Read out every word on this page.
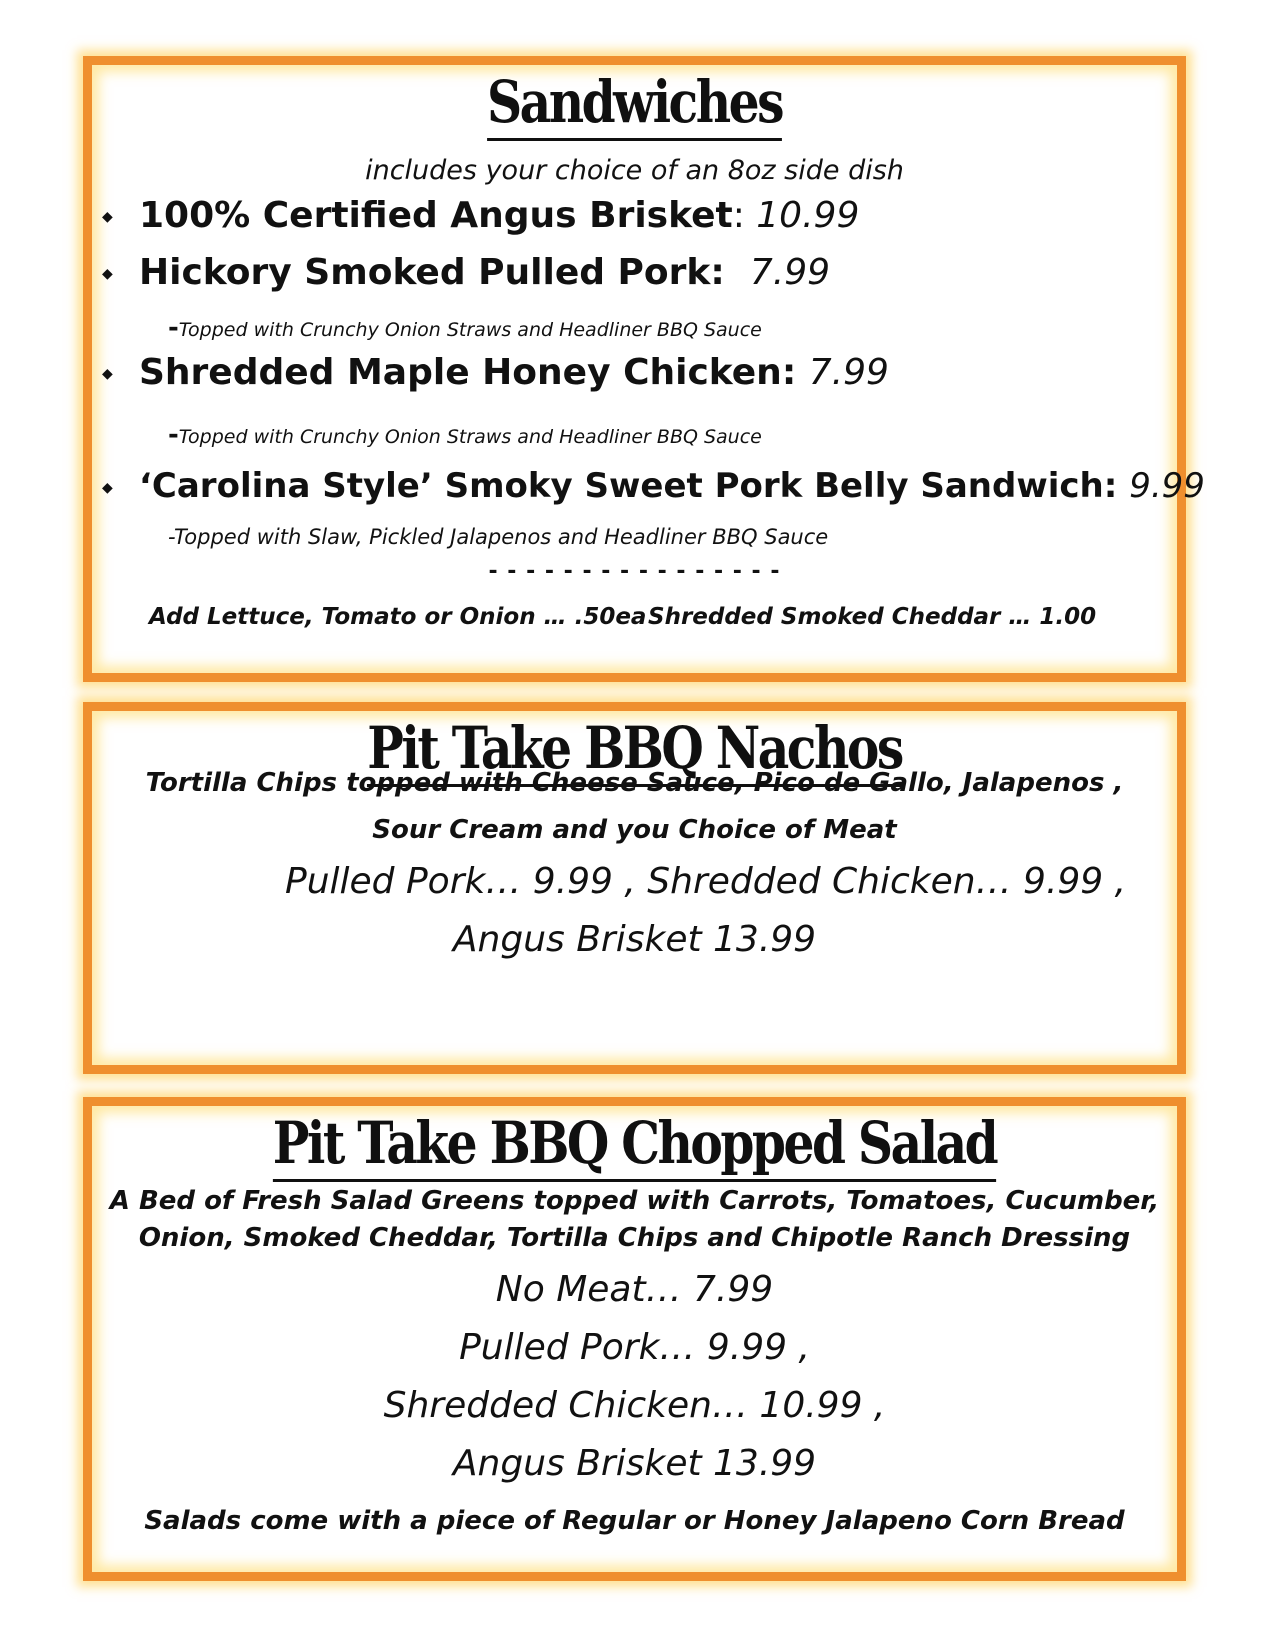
Sandwiches
includes your choice of an 8oz side dish
◆ 100% Certified Angus Brisket: 10.99
◆ Hickory Smoked Pulled Pork: 7.99
-Topped with Crunchy Onion Straws and Headliner BBQ Sauce
◆ Shredded Maple Honey Chicken: 7.99
-Topped with Crunchy Onion Straws and Headliner BBQ Sauce
◆ ‘Carolina Style’ Smoky Sweet Pork Belly Sandwich: 9.99
-Topped with Slaw, Pickled Jalapenos and Headliner BBQ Sauce
- - - - - - - - - - - - - - - -
Add Lettuce, Tomato or Onion … .50ea Shredded Smoked Cheddar … 1.00
Pit Take BBQ Nachos
Tortilla Chips topped with Cheese Sauce, Pico de Gallo, Jalapenos ,
Sour Cream and you Choice of Meat
Pulled Pork… 9.99 , Shredded Chicken… 9.99 ,
Angus Brisket 13.99
Pit Take BBQ Chopped Salad
A Bed of Fresh Salad Greens topped with Carrots, Tomatoes, Cucumber,
Onion, Smoked Cheddar, Tortilla Chips and Chipotle Ranch Dressing
No Meat… 7.99
Pulled Pork… 9.99 ,
Shredded Chicken… 10.99 ,
Angus Brisket 13.99
Salads come with a piece of Regular or Honey Jalapeno Corn Bread
